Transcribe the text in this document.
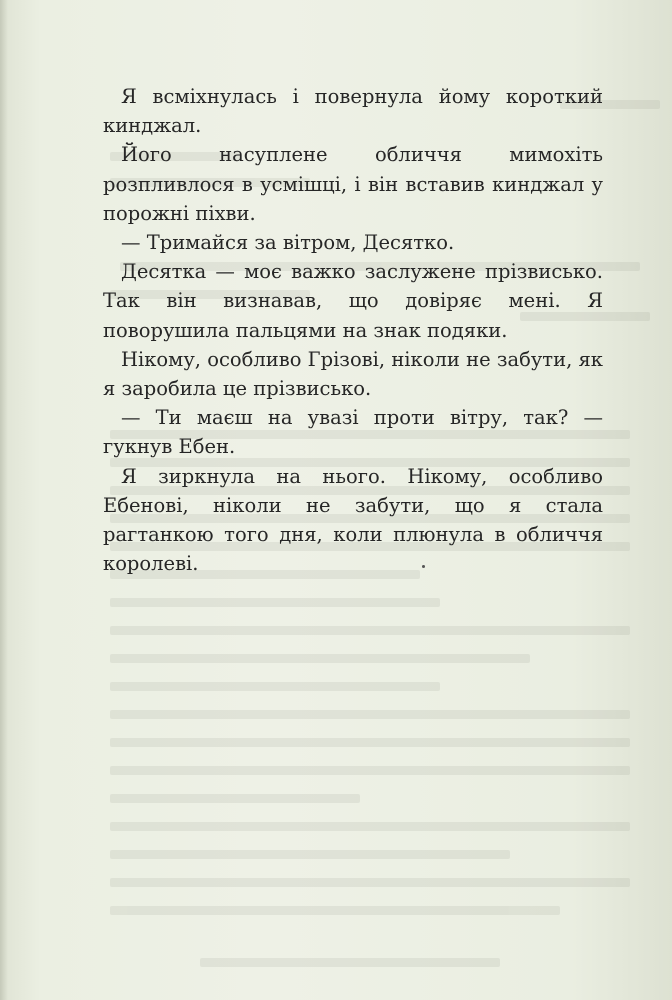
Я всміхнулась і повернула йому короткий кинджал.

Його насуплене обличчя мимохіть розпливлося в усмішці, і він вставив кинджал у порожні піхви.

— Тримайся за вітром, Десятко.

Десятка — моє важко заслужене прізвисько. Так він визнавав, що довіряє мені. Я поворушила пальцями на знак подяки.

Нікому, особливо Грізові, ніколи не забути, як я заробила це прізвисько.

— Ти маєш на увазі проти вітру, так? — гукнув Ебен.

Я зиркнула на нього. Нікому, особливо Ебенові, ніколи не забути, що я стала рагтанкою того дня, коли плюнула в обличчя королеві.
